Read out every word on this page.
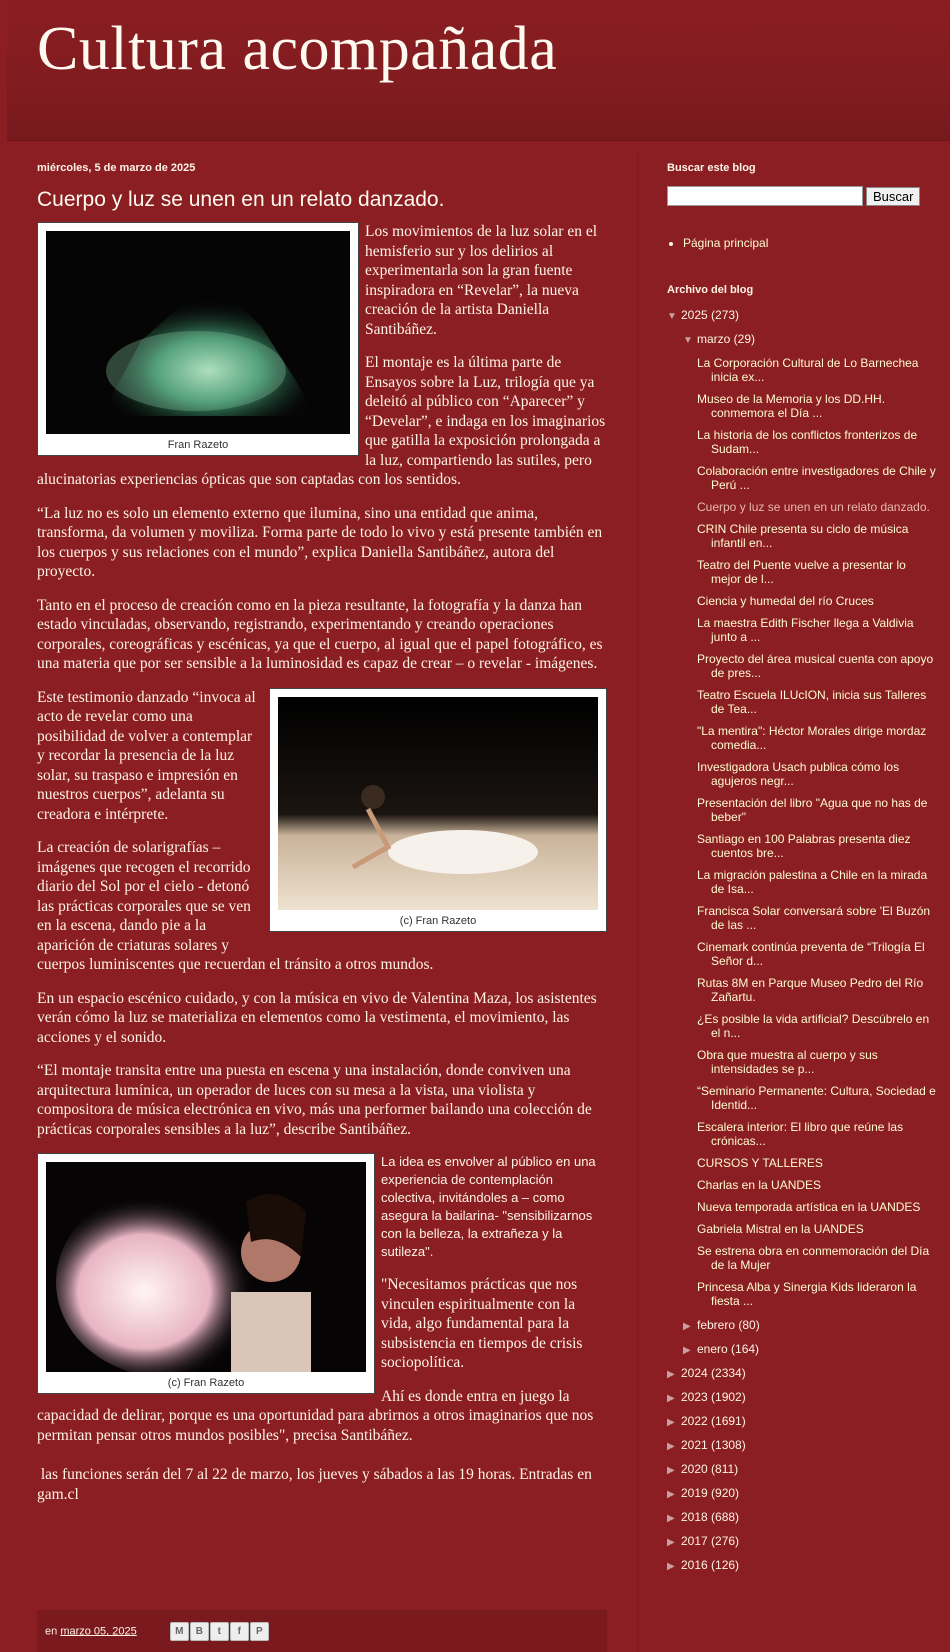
Cultura acompañada
miércoles, 5 de marzo de 2025
Cuerpo y luz se unen en un relato danzado.
Fran Razeto

Los movimientos de la luz solar en el hemisferio sur y los delirios al experimentarla son la gran fuente inspiradora en “Revelar”, la nueva creación de la artista Daniella Santibáñez.

El montaje es la última parte de Ensayos sobre la Luz, trilogía que ya deleitó al público con “Aparecer” y “Develar”, e indaga en los imaginarios que gatilla la exposición prolongada a la luz, compartiendo las sutiles, pero alucinatorias experiencias ópticas que son captadas con los sentidos.

“La luz no es solo un elemento externo que ilumina, sino una entidad que anima, transforma, da volumen y moviliza. Forma parte de todo lo vivo y está presente también en los cuerpos y sus relaciones con el mundo”, explica Daniella Santibáñez, autora del proyecto.

Tanto en el proceso de creación como en la pieza resultante, la fotografía y la danza han estado vinculadas, observando, registrando, experimentando y creando operaciones corporales, coreográficas y escénicas, ya que el cuerpo, al igual que el papel fotográfico, es una materia que por ser sensible a la luminosidad es capaz de crear – o revelar - imágenes.

(c) Fran Razeto

Este testimonio danzado “invoca al acto de revelar como una posibilidad de volver a contemplar y recordar la presencia de la luz solar, su traspaso e impresión en nuestros cuerpos”, adelanta su creadora e intérprete.

La creación de solarigrafías – imágenes que recogen el recorrido diario del Sol por el cielo - detonó las prácticas corporales que se ven en la escena, dando pie a la aparición de criaturas solares y cuerpos luminiscentes que recuerdan el tránsito a otros mundos.

En un espacio escénico cuidado, y con la música en vivo de Valentina Maza, los asistentes verán cómo la luz se materializa en elementos como la vestimenta, el movimiento, las acciones y el sonido.

“El montaje transita entre una puesta en escena y una instalación, donde conviven una arquitectura lumínica, un operador de luces con su mesa a la vista, una violista y compositora de música electrónica en vivo, más una performer bailando una colección de prácticas corporales sensibles a la luz”, describe Santibáñez.

(c) Fran Razeto

La idea es envolver al público en una experiencia de contemplación colectiva, invitándoles a – como asegura la bailarina- "sensibilizarnos con la belleza, la extrañeza y la sutileza".

"Necesitamos prácticas que nos vinculen espiritualmente con la vida, algo fundamental para la subsistencia en tiempos de crisis sociopolítica.

Ahí es donde entra en juego la capacidad de delirar, porque es una oportunidad para abrirnos a otros imaginarios que nos permitan pensar otros mundos posibles", precisa Santibáñez.

las funciones serán del 7 al 22 de marzo, los jueves y sábados a las 19 horas. Entradas en gam.cl

en marzo 05, 2025	M B t f P
Buscar este blog
Buscar
• Página principal
Archivo del blog
▼ 2025 (273)
▼ marzo (29)
La Corporación Cultural de Lo Barnechea inicia ex...
Museo de la Memoria y los DD.HH. conmemora el Día ...
La historia de los conflictos fronterizos de Sudam...
Colaboración entre investigadores de Chile y Perú ...
Cuerpo y luz se unen en un relato danzado.
CRIN Chile presenta su ciclo de música infantil en...
Teatro del Puente vuelve a presentar lo mejor de l...
Ciencia y humedal del río Cruces
La maestra Edith Fischer llega a Valdivia junto a ...
Proyecto del área musical cuenta con apoyo de pres...
Teatro Escuela ILUcION, inicia sus Talleres de Tea...
"La mentira": Héctor Morales dirige mordaz comedia...
Investigadora Usach publica cómo los agujeros negr...
Presentación del libro "Agua que no has de beber"
Santiago en 100 Palabras presenta diez cuentos bre...
La migración palestina a Chile en la mirada de Isa...
Francisca Solar conversará sobre 'El Buzón de las ...
Cinemark continúa preventa de “Trilogía El Señor d...
Rutas 8M en Parque Museo Pedro del Río Zañartu.
¿Es posible la vida artificial? Descúbrelo en el n...
Obra que muestra al cuerpo y sus intensidades se p...
“Seminario Permanente: Cultura, Sociedad e Identid...
Escalera interior: El libro que reúne las crónicas...
CURSOS Y TALLERES
Charlas en la UANDES
Nueva temporada artística en la UANDES
Gabriela Mistral en la UANDES
Se estrena obra en conmemoración del Día de la Mujer
Princesa Alba y Sinergia Kids lideraron la fiesta ...
▶ febrero (80)
▶ enero (164)
▶ 2024 (2334)
▶ 2023 (1902)
▶ 2022 (1691)
▶ 2021 (1308)
▶ 2020 (811)
▶ 2019 (920)
▶ 2018 (688)
▶ 2017 (276)
▶ 2016 (126)
